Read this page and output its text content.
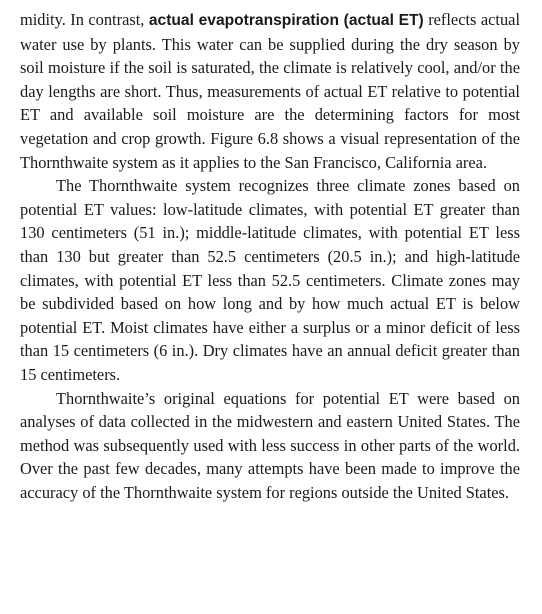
midity. In contrast, actual evapotranspiration (actual ET) reflects actual water use by plants. This water can be supplied during the dry season by soil moisture if the soil is saturated, the climate is relatively cool, and/or the day lengths are short. Thus, measurements of actual ET relative to potential ET and available soil moisture are the determining factors for most vegetation and crop growth. Figure 6.8 shows a visual representation of the Thornthwaite system as it applies to the San Francisco, California area.

The Thornthwaite system recognizes three climate zones based on potential ET values: low-latitude climates, with potential ET greater than 130 centimeters (51 in.); middle-latitude climates, with potential ET less than 130 but greater than 52.5 centimeters (20.5 in.); and high-latitude climates, with potential ET less than 52.5 centimeters. Climate zones may be subdivided based on how long and by how much actual ET is below potential ET. Moist climates have either a surplus or a minor deficit of less than 15 centimeters (6 in.). Dry climates have an annual deficit greater than 15 centimeters.

Thornthwaite’s original equations for potential ET were based on analyses of data collected in the midwestern and eastern United States. The method was subsequently used with less success in other parts of the world. Over the past few decades, many attempts have been made to improve the accuracy of the Thornthwaite system for regions outside the United States.
